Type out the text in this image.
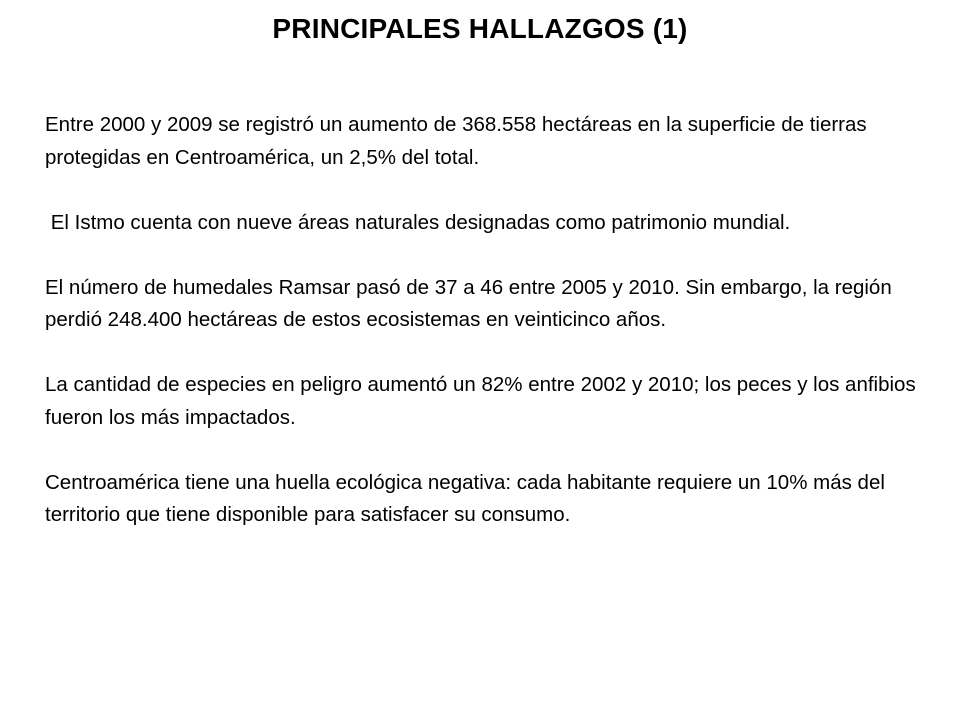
PRINCIPALES HALLAZGOS (1)

Entre 2000 y 2009 se registró un aumento de 368.558 hectáreas en la superficie de tierras protegidas en Centroamérica, un 2,5% del total.

El Istmo cuenta con nueve áreas naturales designadas como patrimonio mundial.

El número de humedales Ramsar pasó de 37 a 46 entre 2005 y 2010. Sin embargo, la región perdió 248.400 hectáreas de estos ecosistemas en veinticinco años.

La cantidad de especies en peligro aumentó un 82% entre 2002 y 2010; los peces y los anfibios fueron los más impactados.

Centroamérica tiene una huella ecológica negativa: cada habitante requiere un 10% más del territorio que tiene disponible para satisfacer su consumo.
